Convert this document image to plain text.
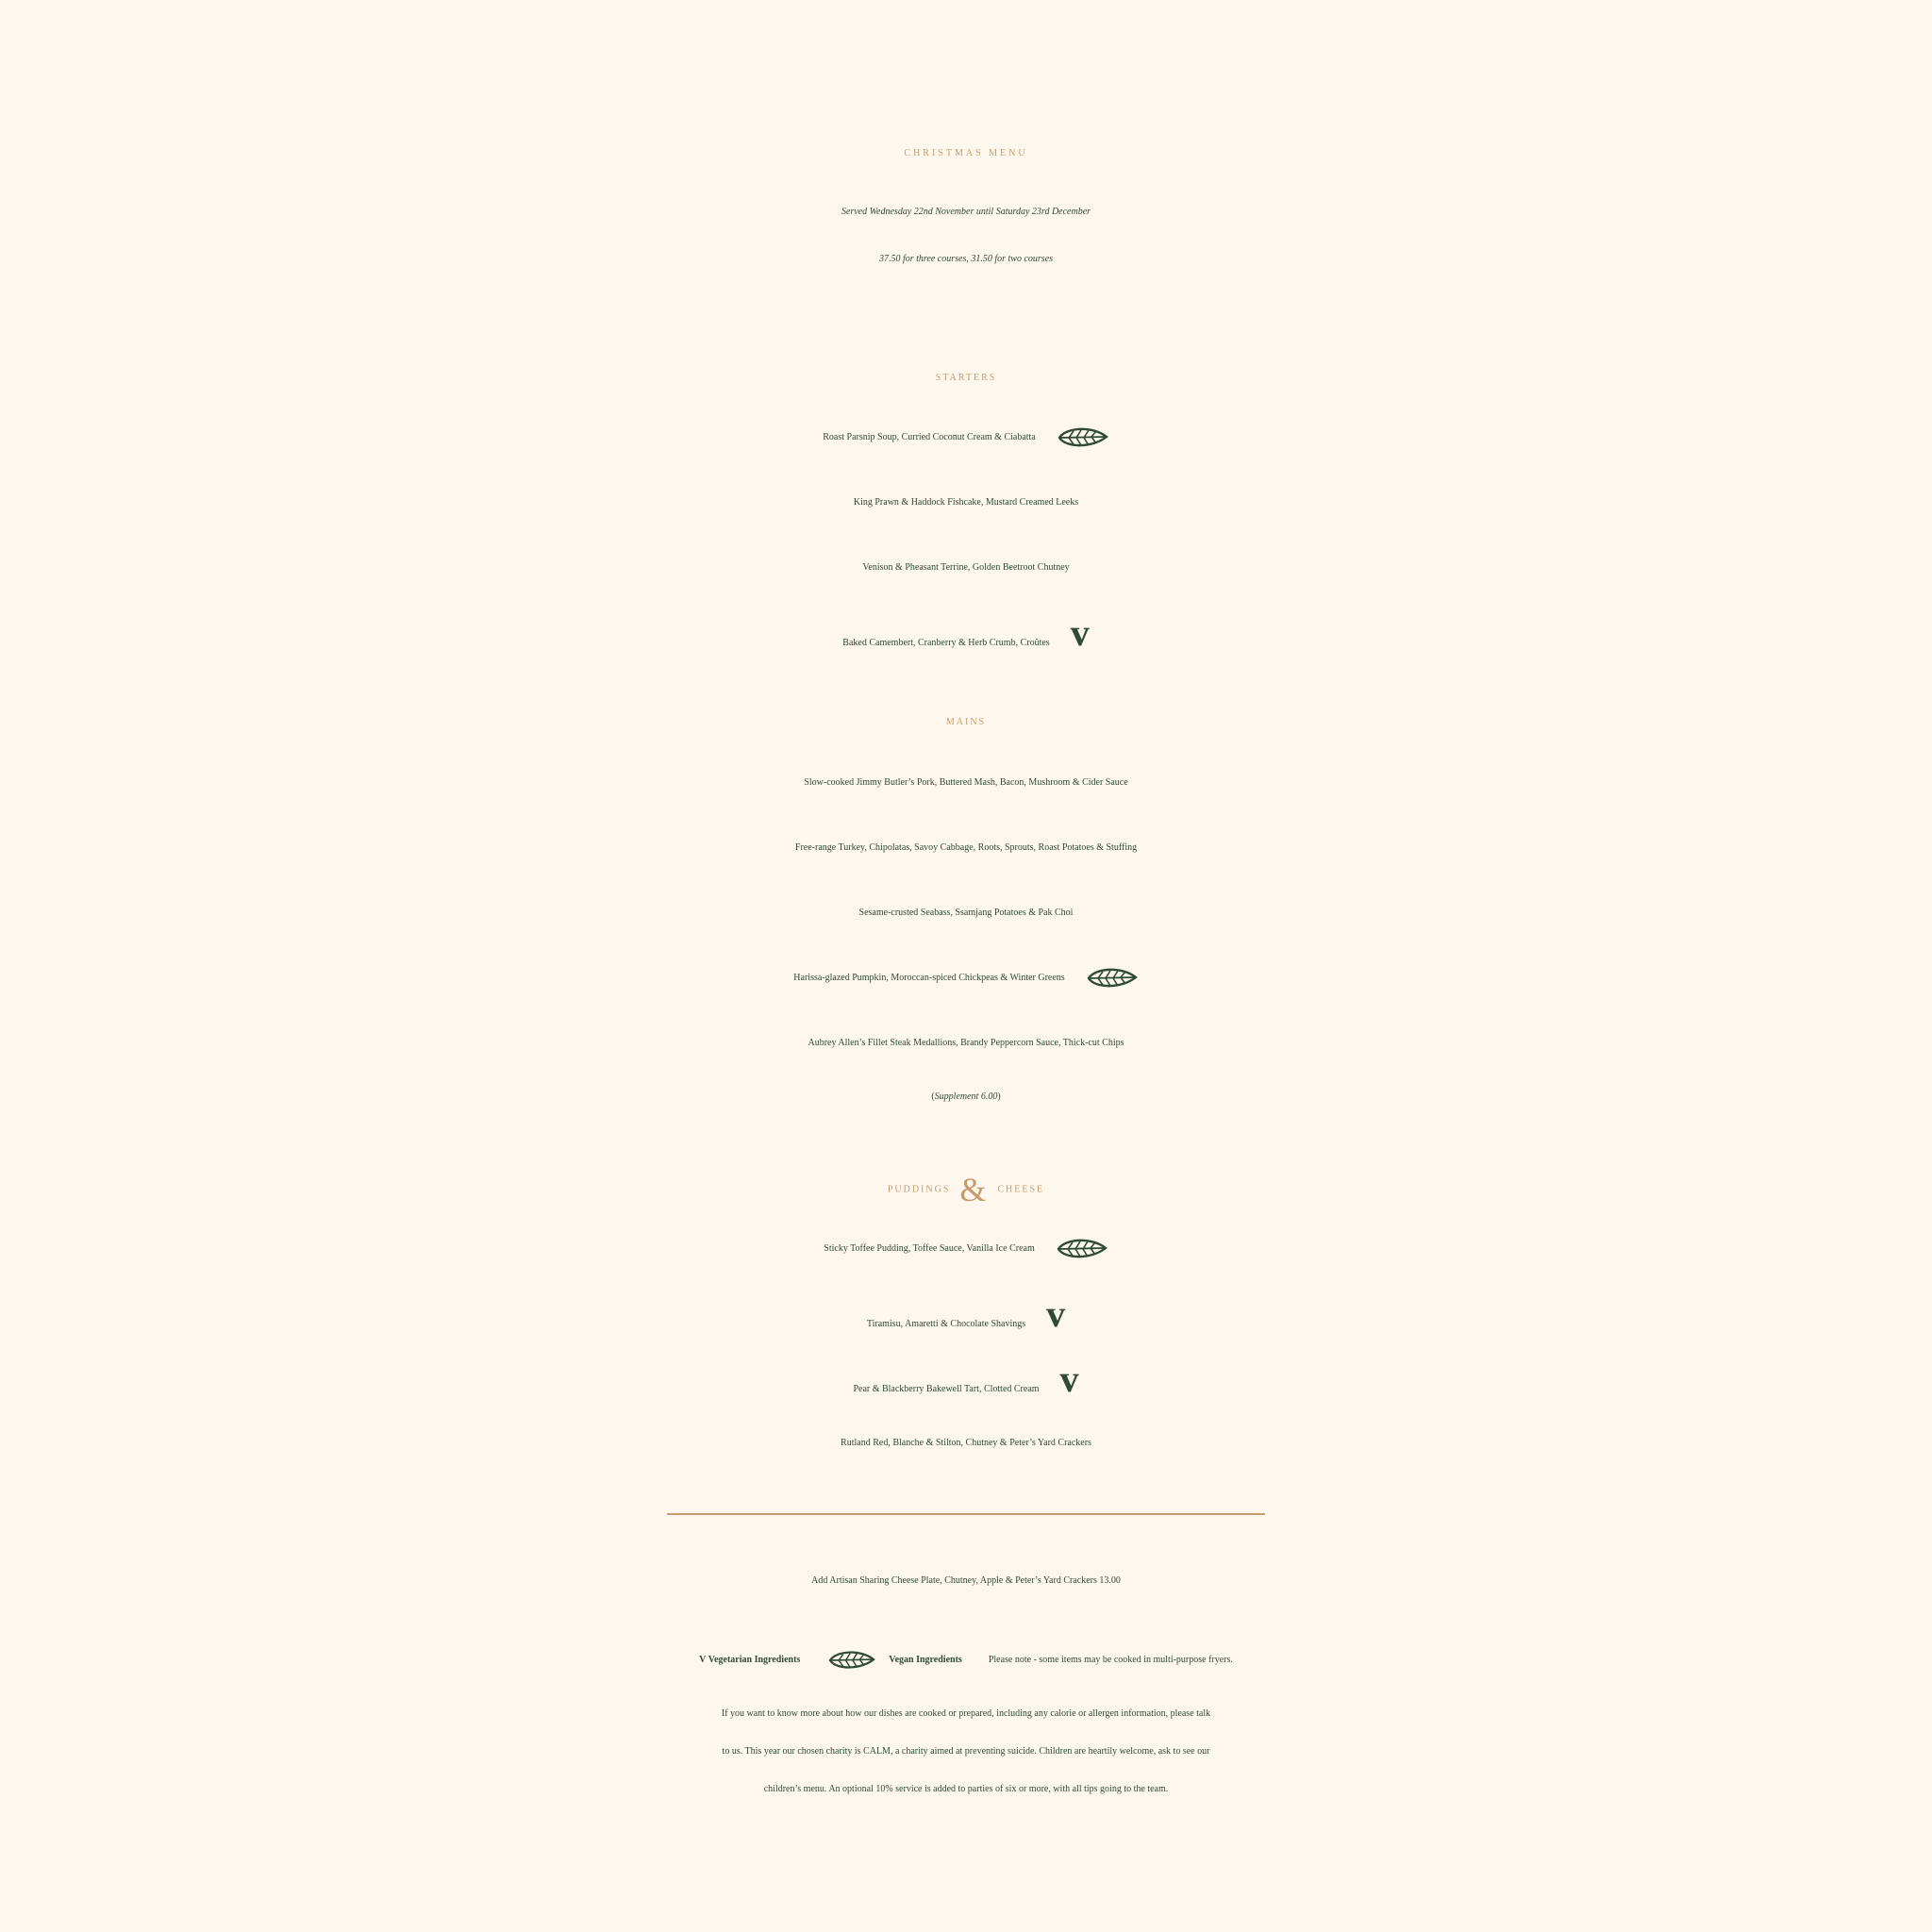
CHRISTMAS MENU
Served Wednesday 22nd November until Saturday 23rd December
37.50 for three courses, 31.50 for two courses
STARTERS
Roast Parsnip Soup, Curried Coconut Cream & Ciabatta
King Prawn & Haddock Fishcake, Mustard Creamed Leeks
Venison & Pheasant Terrine, Golden Beetroot Chutney
Baked Camembert, Cranberry & Herb Crumb, Croûtes v
MAINS
Slow-cooked Jimmy Butler’s Pork, Buttered Mash, Bacon, Mushroom & Cider Sauce
Free-range Turkey, Chipolatas, Savoy Cabbage, Roots, Sprouts, Roast Potatoes & Stuffing
Sesame-crusted Seabass, Ssamjang Potatoes & Pak Choi
Harissa-glazed Pumpkin, Moroccan-spiced Chickpeas & Winter Greens
Aubrey Allen’s Fillet Steak Medallions, Brandy Peppercorn Sauce, Thick-cut Chips
(Supplement 6.00)
PUDDINGS & CHEESE
Sticky Toffee Pudding, Toffee Sauce, Vanilla Ice Cream
Tiramisu, Amaretti & Chocolate Shavings v
Pear & Blackberry Bakewell Tart, Clotted Cream v
Rutland Red, Blanche & Stilton, Chutney & Peter’s Yard Crackers
Add Artisan Sharing Cheese Plate, Chutney, Apple & Peter’s Yard Crackers 13.00
V Vegetarian Ingredients	Vegan Ingredients	Please note - some items may be cooked in multi-purpose fryers.
If you want to know more about how our dishes are cooked or prepared, including any calorie or allergen information, please talk
to us. This year our chosen charity is CALM, a charity aimed at preventing suicide. Children are heartily welcome, ask to see our
children’s menu. An optional 10% service is added to parties of six or more, with all tips going to the team.
